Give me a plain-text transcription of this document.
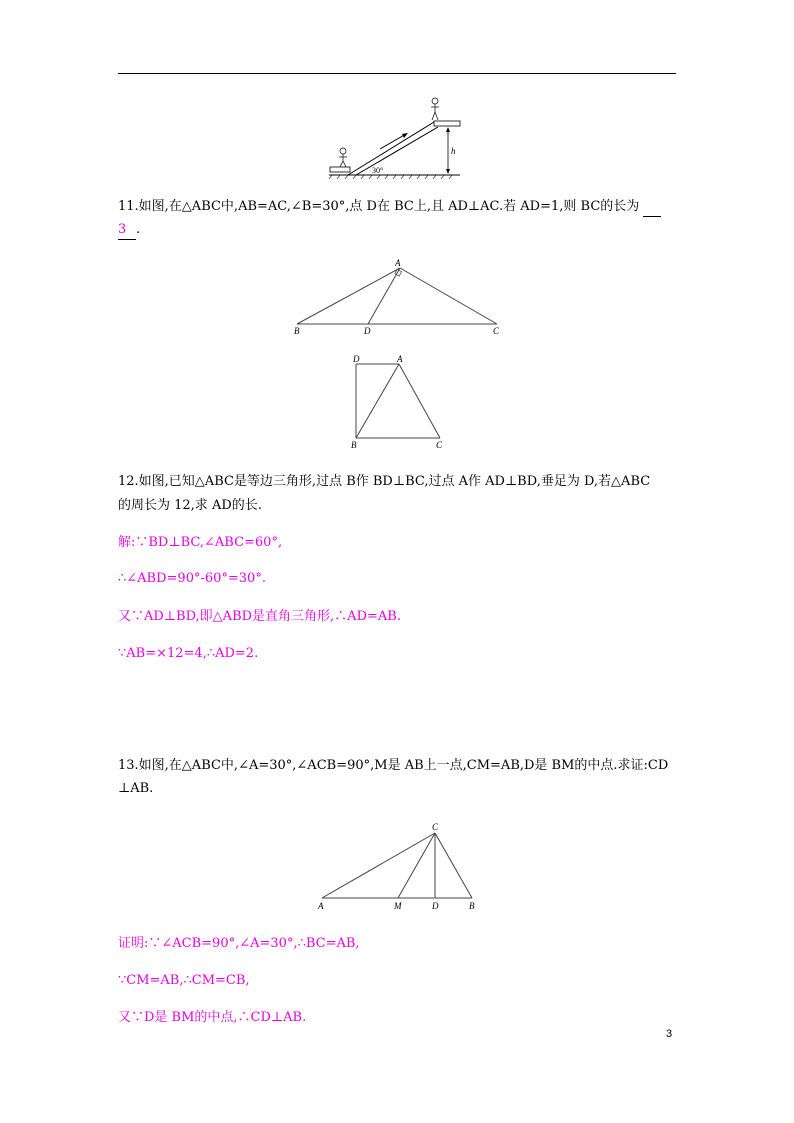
h
30°
11.如图,在△ABC中,AB=AC,∠B=30°,点 D在 BC上,且 AD⊥AC.若 AD=1,则 BC的长为
3 .
A
B	D	C
D	A
B	C
12.如图,已知△ABC是等边三角形,过点 B作 BD⊥BC,过点 A作 AD⊥BD,垂足为 D,若△ABC
的周长为 12,求 AD的长.
解:∵BD⊥BC,∠ABC=60°,
∴∠ABD=90°-60°=30°.
又∵AD⊥BD,即△ABD是直角三角形,∴AD=AB.
∵AB=×12=4,∴AD=2.
13.如图,在△ABC中,∠A=30°,∠ACB=90°,M是 AB上一点,CM=AB,D是 BM的中点.求证:CD
⊥AB.
C
A	M	D	B
证明:∵∠ACB=90°,∠A=30°,∴BC=AB,
∵CM=AB,∴CM=CB,
又∵D是 BM的中点,∴CD⊥AB.
3
